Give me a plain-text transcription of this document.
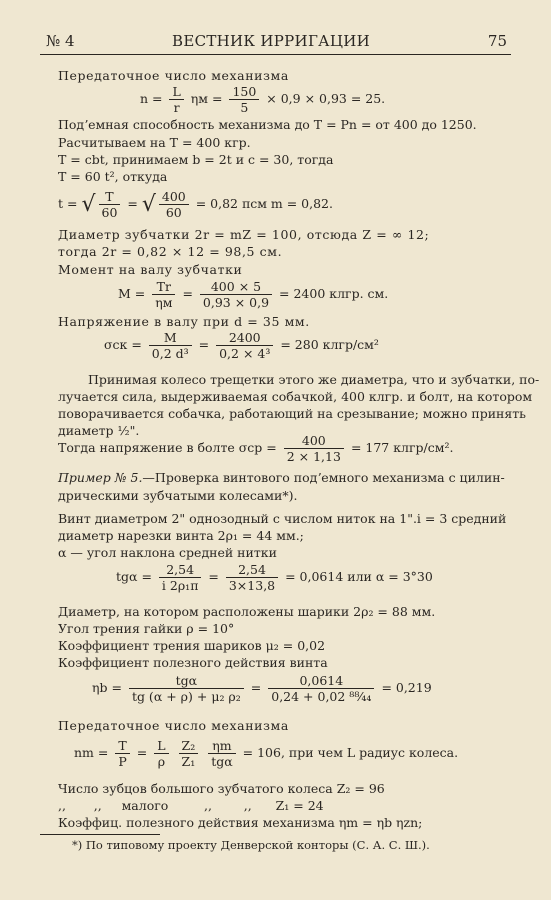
№ 4	ВЕСТНИК ИРРИГАЦИИ	75
Передаточное число механизма
$n = \frac{L}{r}$ $\eta м = \frac{150}{5} \times 0,9 \times 0,93 = 25$.
Подʼемная способность механизма до T = Pn = от 400 до 1250.
Расчитываем на T = 400 кгр.
T = cbt, принимаем b = 2t и c = 30, тогда
T = 60 t², откуда
t = √ $\frac{T}{60}$ = √ $\frac{400}{60} = 0,82$ πсм m = 0,82.
Диаметр зубчатки 2r = mZ = 100, отсюда Z = ∞ 12;
тогда 2r = 0,82 × 12 = 98,5 см.
Момент на валу зубчатки
$M = \frac{Tr}{\eta м} = \frac{400 \times 5}{0,93 \times 0,9} = 2400$ клгр. см.
Напряжение в валу при d = 35 мм.
$\sigma ск = \frac{M}{\text{0,2 d³}} = \frac{2400}{\text{0,2 × 4³}} = 280$ клгр/см²
Принимая колесо трещетки этого же диаметра, что и зубчатки, по-
лучается сила, выдерживаемая собачкой, 400 клгр. и болт, на котором
поворачивается собачка, работающий на срезывание; можно принять
диаметр ½".
Тогда напряжение в болте $\sigma ср = \frac{400}{2 \times 1,13} = 177$ клгр/см².
Пример № 5.—Проверка винтового подʼемного механизма с цилин-
дрическими зубчатыми колесами*).
Винт диаметром 2" однозодный с числом ниток на 1".i = 3 средний
диаметр нарезки винта 2ρ₁ = 44 мм.;
α — угол наклона средней нитки
$tg\alpha = \frac{2,54}{\text{i 2ρ₁π}} = \frac{2,54}{3\times 13,8} = 0,0614$ или α = 3°30
Диаметр, на котором расположены шарики 2ρ₂ = 88 мм.
Угол трения гайки ρ = 10°
Коэффициент трения шариков μ₂ = 0,02
Коэффициент полезного действия винта
$\eta b = \frac{\text{tgα}}{\text{tg (α + ρ) + μ₂ ρ₂}} = \frac{0,0614}{\text{0,24 + 0,02 ⁸⁸⁄₄₄}} = 0,219$
Передаточное число механизма
nm = $\frac{T}{P} = \frac{L}{\rho}$
$\frac{\text{Z₂}}{\text{Z₁}}$
$\frac{\eta m}{\text{tgα}} = 106$, при чем L радиус колеса.
Число зубцов большого зубчатого колеса Z₂ = 96
,,       ,,     малого         ,,        ,,      Z₁ = 24
Коэффиц. полезного действия механизма ηm = ηb ηzn;
*) По типовому проекту Денверской конторы (С. А. С. Ш.).
